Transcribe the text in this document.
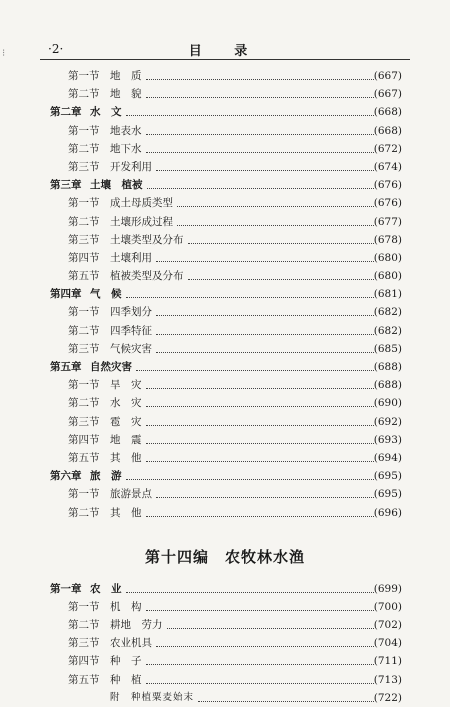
⁝	·2·	目 录
第一节 地　质	(667)
第二节 地　貌	(667)
第二章 水　文	(668)
第一节 地表水	(668)
第二节 地下水	(672)
第三节 开发利用	(674)
第三章 土壤　植被	(676)
第一节 成土母质类型	(676)
第二节 土壤形成过程	(677)
第三节 土壤类型及分布	(678)
第四节 土壤利用	(680)
第五节 植被类型及分布	(680)
第四章 气　候	(681)
第一节 四季划分	(682)
第二节 四季特征	(682)
第三节 气候灾害	(685)
第五章 自然灾害	(688)
第一节 旱　灾	(688)
第二节 水　灾	(690)
第三节 雹　灾	(692)
第四节 地　震	(693)
第五节 其　他	(694)
第六章 旅　游	(695)
第一节 旅游景点	(695)
第二节 其　他	(696)
第十四编　农牧林水渔
第一章 农　业	(699)
第一节 机　构	(700)
第二节 耕地　劳力	(702)
第三节 农业机具	(704)
第四节 种　子	(711)
第五节 种　植	(713)
附　种植粟麦始末	(722)
